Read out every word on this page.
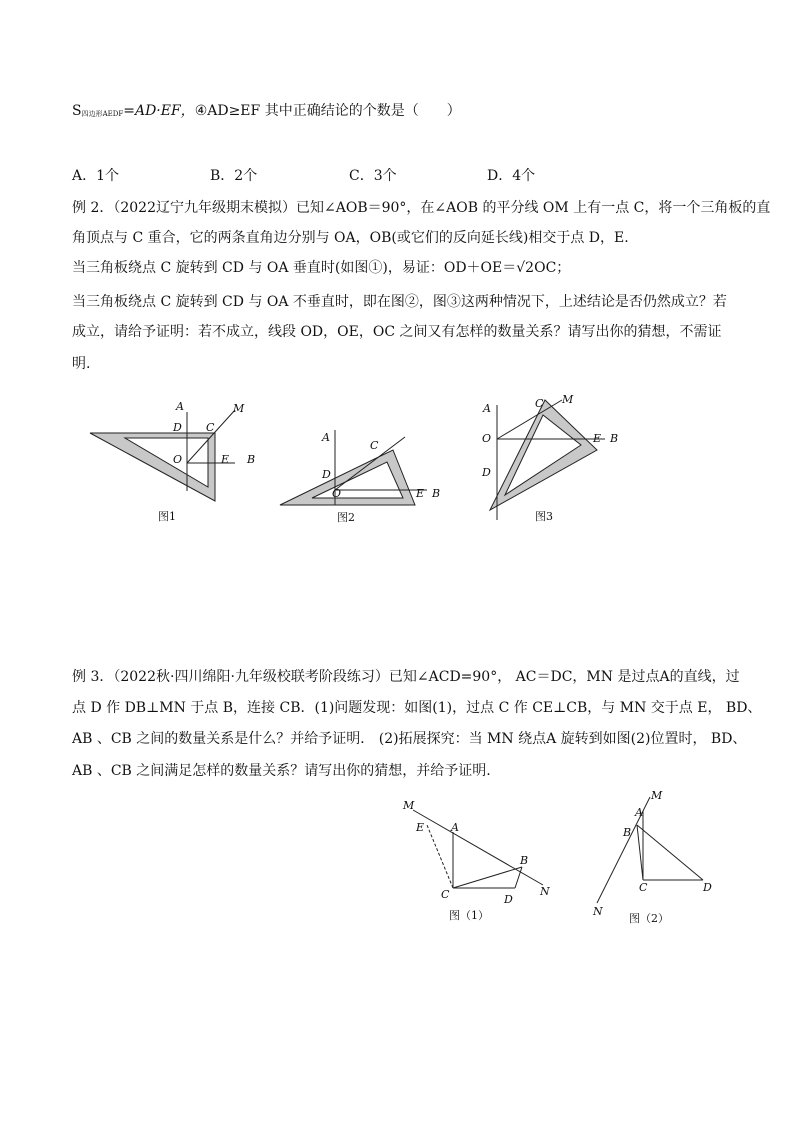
S四边形AEDF=AD·EF，④AD≥EF 其中正确结论的个数是（　　）
A．1个	B．2个	C．3个	D．4个
例 2．（2022辽宁九年级期末模拟）已知∠AOB＝90°，在∠AOB 的平分线 OM 上有一点 C，将一个三角板的直
角顶点与 C 重合，它的两条直角边分别与 OA，OB(或它们的反向延长线)相交于点 D，E.
当三角板绕点 C 旋转到 CD 与 OA 垂直时(如图①)，易证：OD＋OE＝√2OC；
当三角板绕点 C 旋转到 CD 与 OA 不垂直时，即在图②，图③这两种情况下，上述结论是否仍然成立？若
成立，请给予证明：若不成立，线段 OD，OE，OC 之间又有怎样的数量关系？请写出你的猜想，不需证
明.
A	M
D C
O	E B
图1
A
C
D
O	E B
图2
A	C M
O	E B
D
图3
例 3．（2022秋·四川绵阳·九年级校联考阶段练习）已知∠ACD=90°， AC＝DC，MN 是过点A的直线，过
点 D 作 DB⊥MN 于点 B，连接 CB．(1)问题发现：如图(1)，过点 C 作 CE⊥CB，与 MN 交于点 E， BD、
AB 、CB 之间的数量关系是什么？并给予证明． (2)拓展探究：当 MN 绕点A 旋转到如图(2)位置时， BD、
AB 、CB 之间满足怎样的数量关系？请写出你的猜想，并给予证明.
M
E A
B
C	D
N
图（1）
M
A
B
C	D
N
图（2）
